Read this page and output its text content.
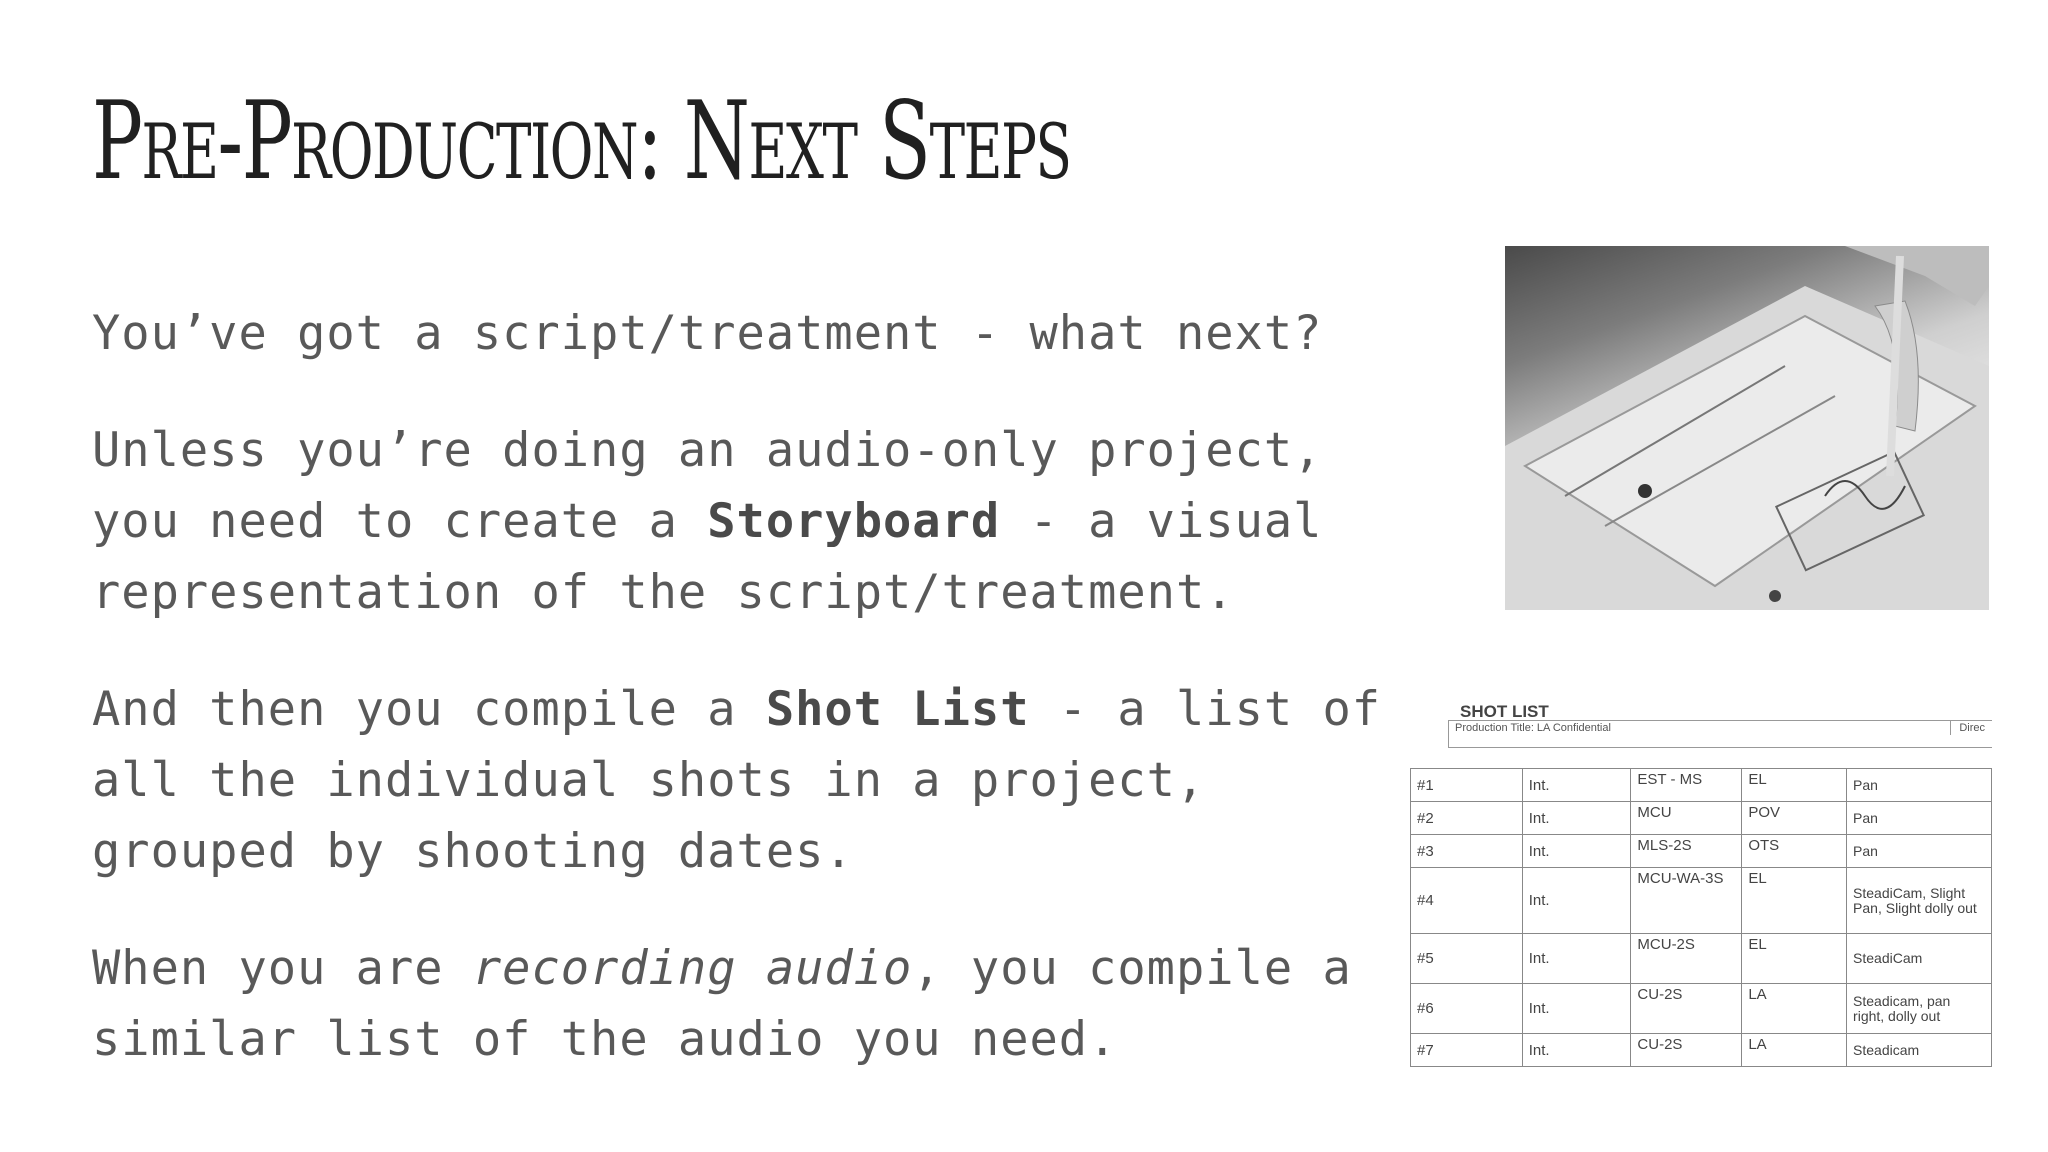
Pre-Production: Next Steps

You’ve got a script/treatment - what next?

Unless you’re doing an audio-only project, you need to create a Storyboard - a visual representation of the script/treatment.

And then you compile a Shot List - a list of all the individual shots in a project, grouped by shooting dates.

When you are recording audio, you compile a similar list of the audio you need.

SHOT LIST
Production Title: LA Confidential	Direc
#1	Int.	EST - MS	EL	Pan
#2	Int.	MCU	POV	Pan
#3	Int.	MLS-2S	OTS	Pan
#4	Int.	MCU-WA-3S	EL	SteadiCam, Slight Pan, Slight dolly out
#5	Int.	MCU-2S	EL	SteadiCam
#6	Int.	CU-2S	LA	Steadicam, pan right, dolly out
#7	Int.	CU-2S	LA	Steadicam
